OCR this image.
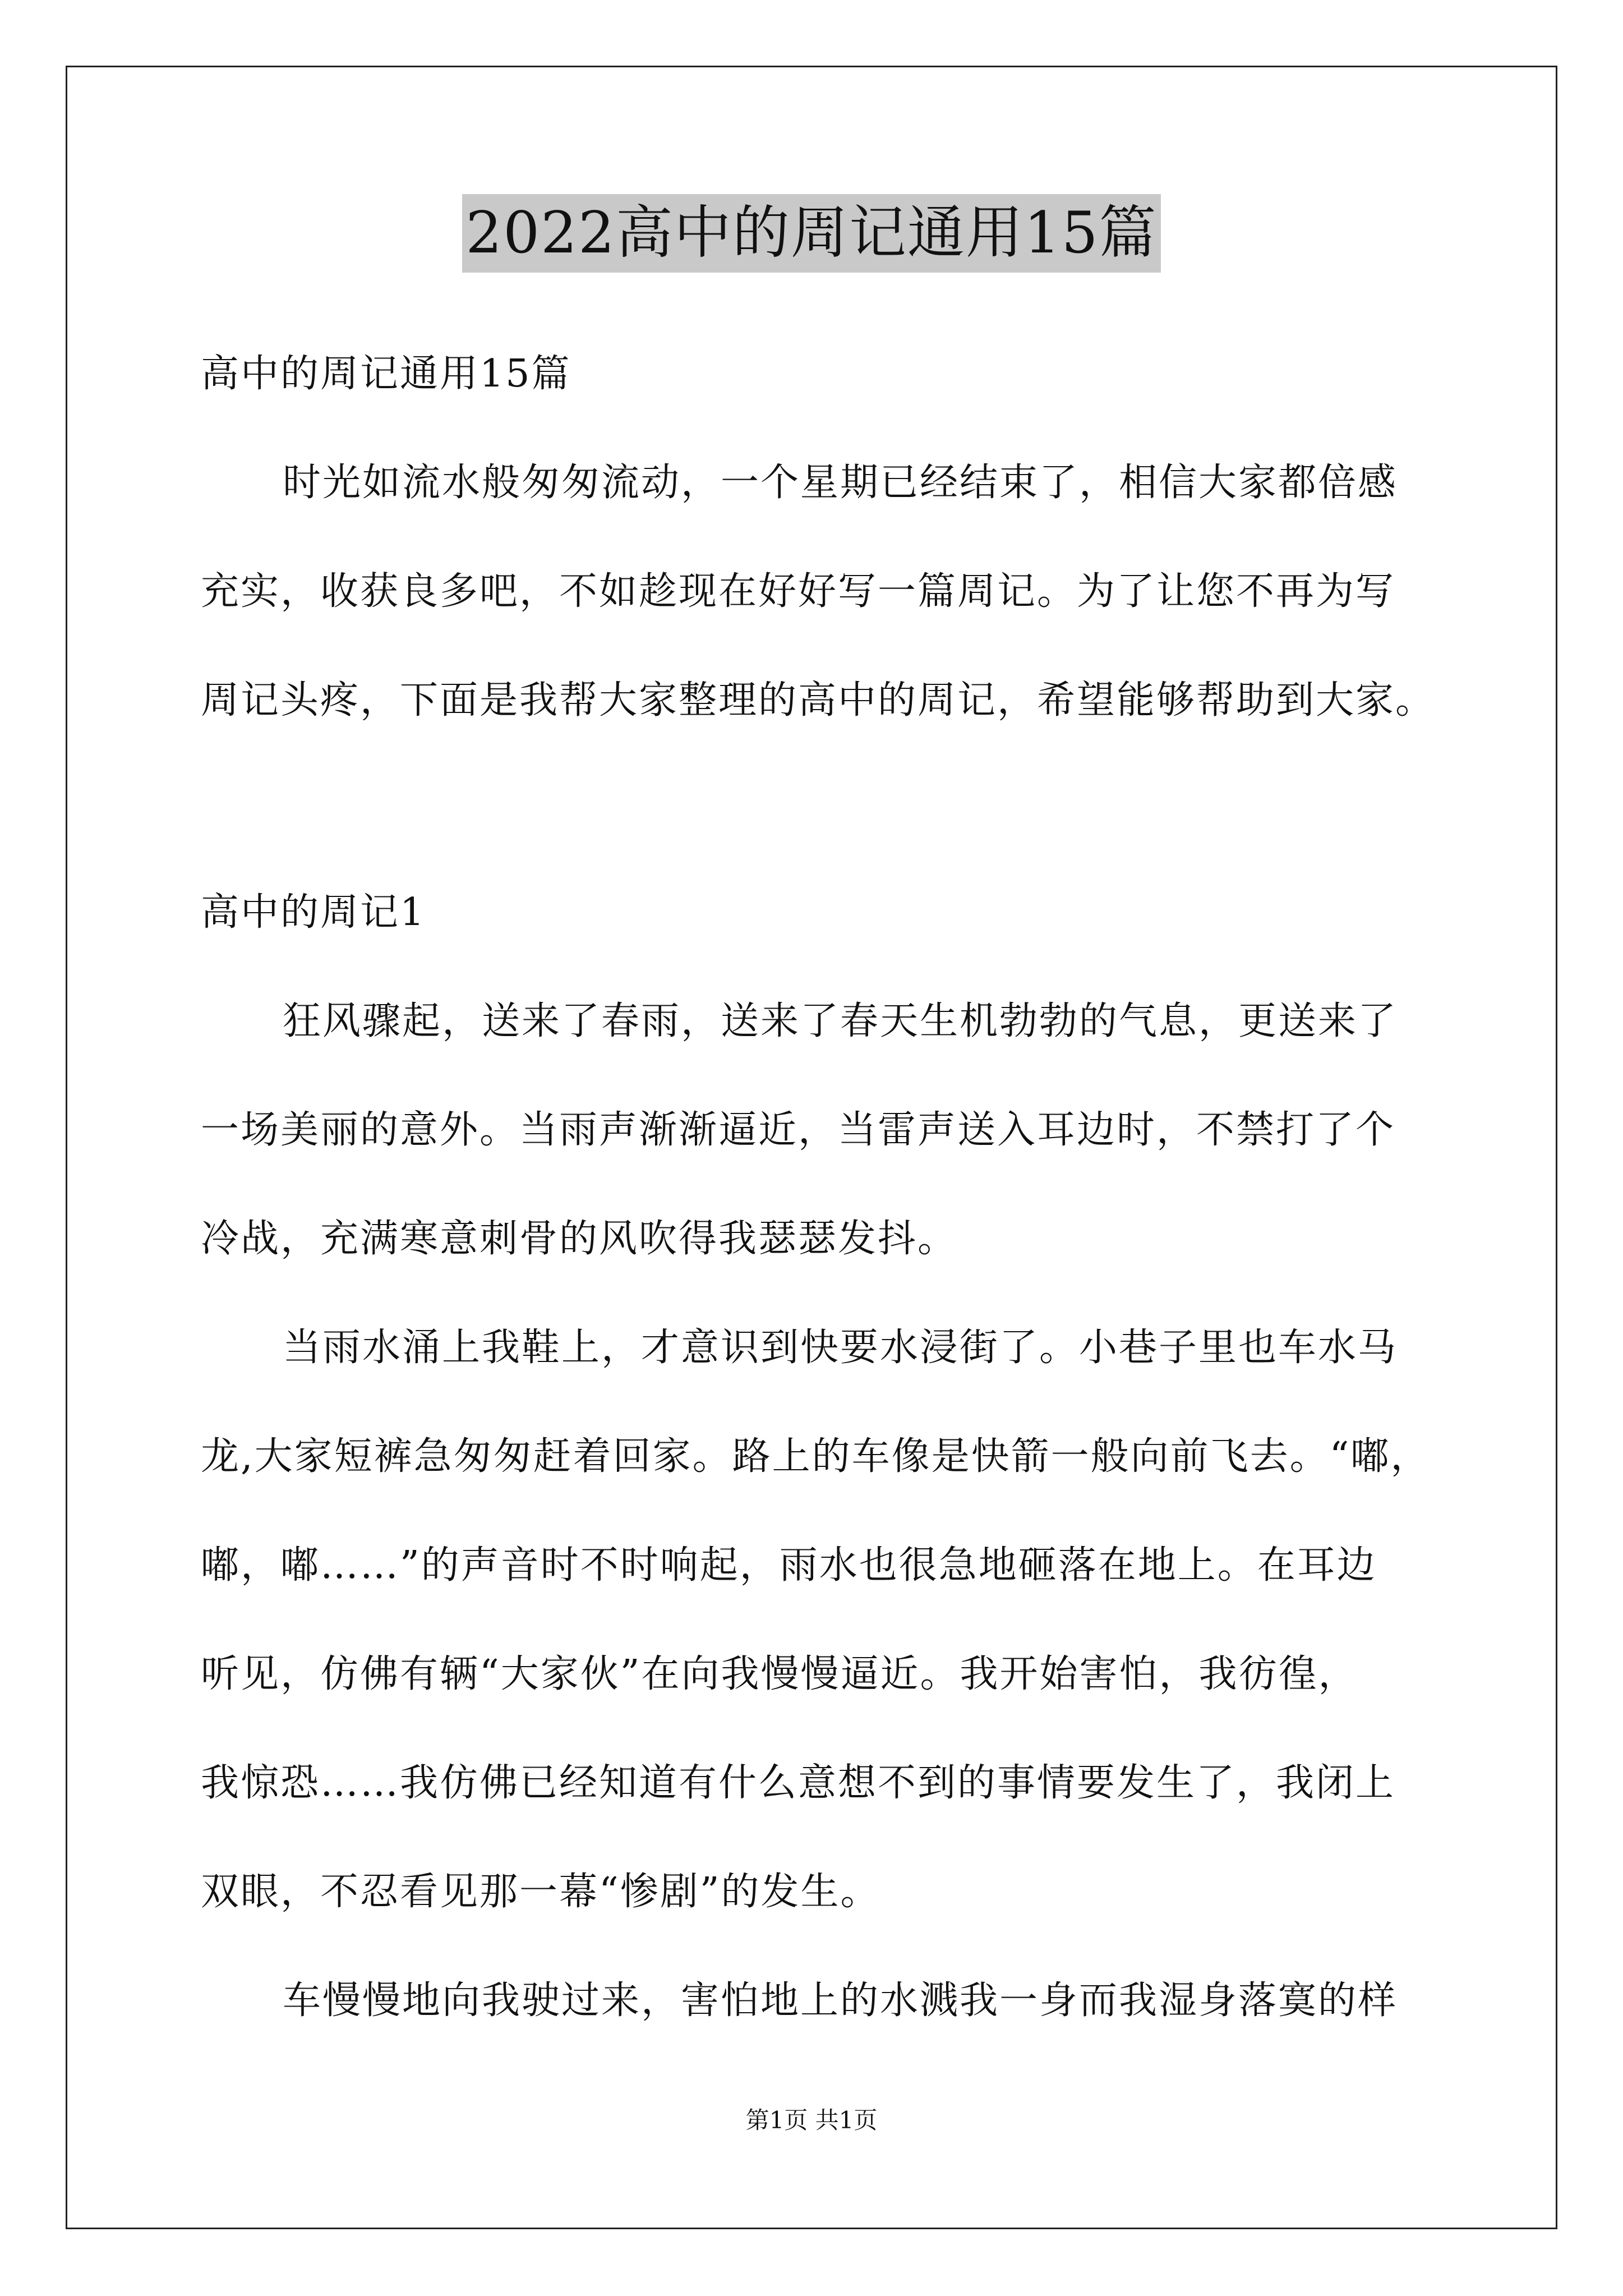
2022高中的周记通用15篇
高中的周记通用15篇
时光如流水般匆匆流动，一个星期已经结束了，相信大家都倍感
充实，收获良多吧，不如趁现在好好写一篇周记。为了让您不再为写
周记头疼，下面是我帮大家整理的高中的周记，希望能够帮助到大家。
高中的周记1
狂风骤起，送来了春雨，送来了春天生机勃勃的气息，更送来了
一场美丽的意外。当雨声渐渐逼近，当雷声送入耳边时，不禁打了个
冷战，充满寒意刺骨的风吹得我瑟瑟发抖。
当雨水涌上我鞋上，才意识到快要水浸街了。小巷子里也车水马
龙,大家短裤急匆匆赶着回家。路上的车像是快箭一般向前飞去。“嘟，
嘟，嘟……”的声音时不时响起，雨水也很急地砸落在地上。在耳边
听见，仿佛有辆“大家伙”在向我慢慢逼近。我开始害怕，我彷徨，
我惊恐……我仿佛已经知道有什么意想不到的事情要发生了，我闭上
双眼，不忍看见那一幕“惨剧”的发生。
车慢慢地向我驶过来，害怕地上的水溅我一身而我湿身落寞的样
第1页 共1页
